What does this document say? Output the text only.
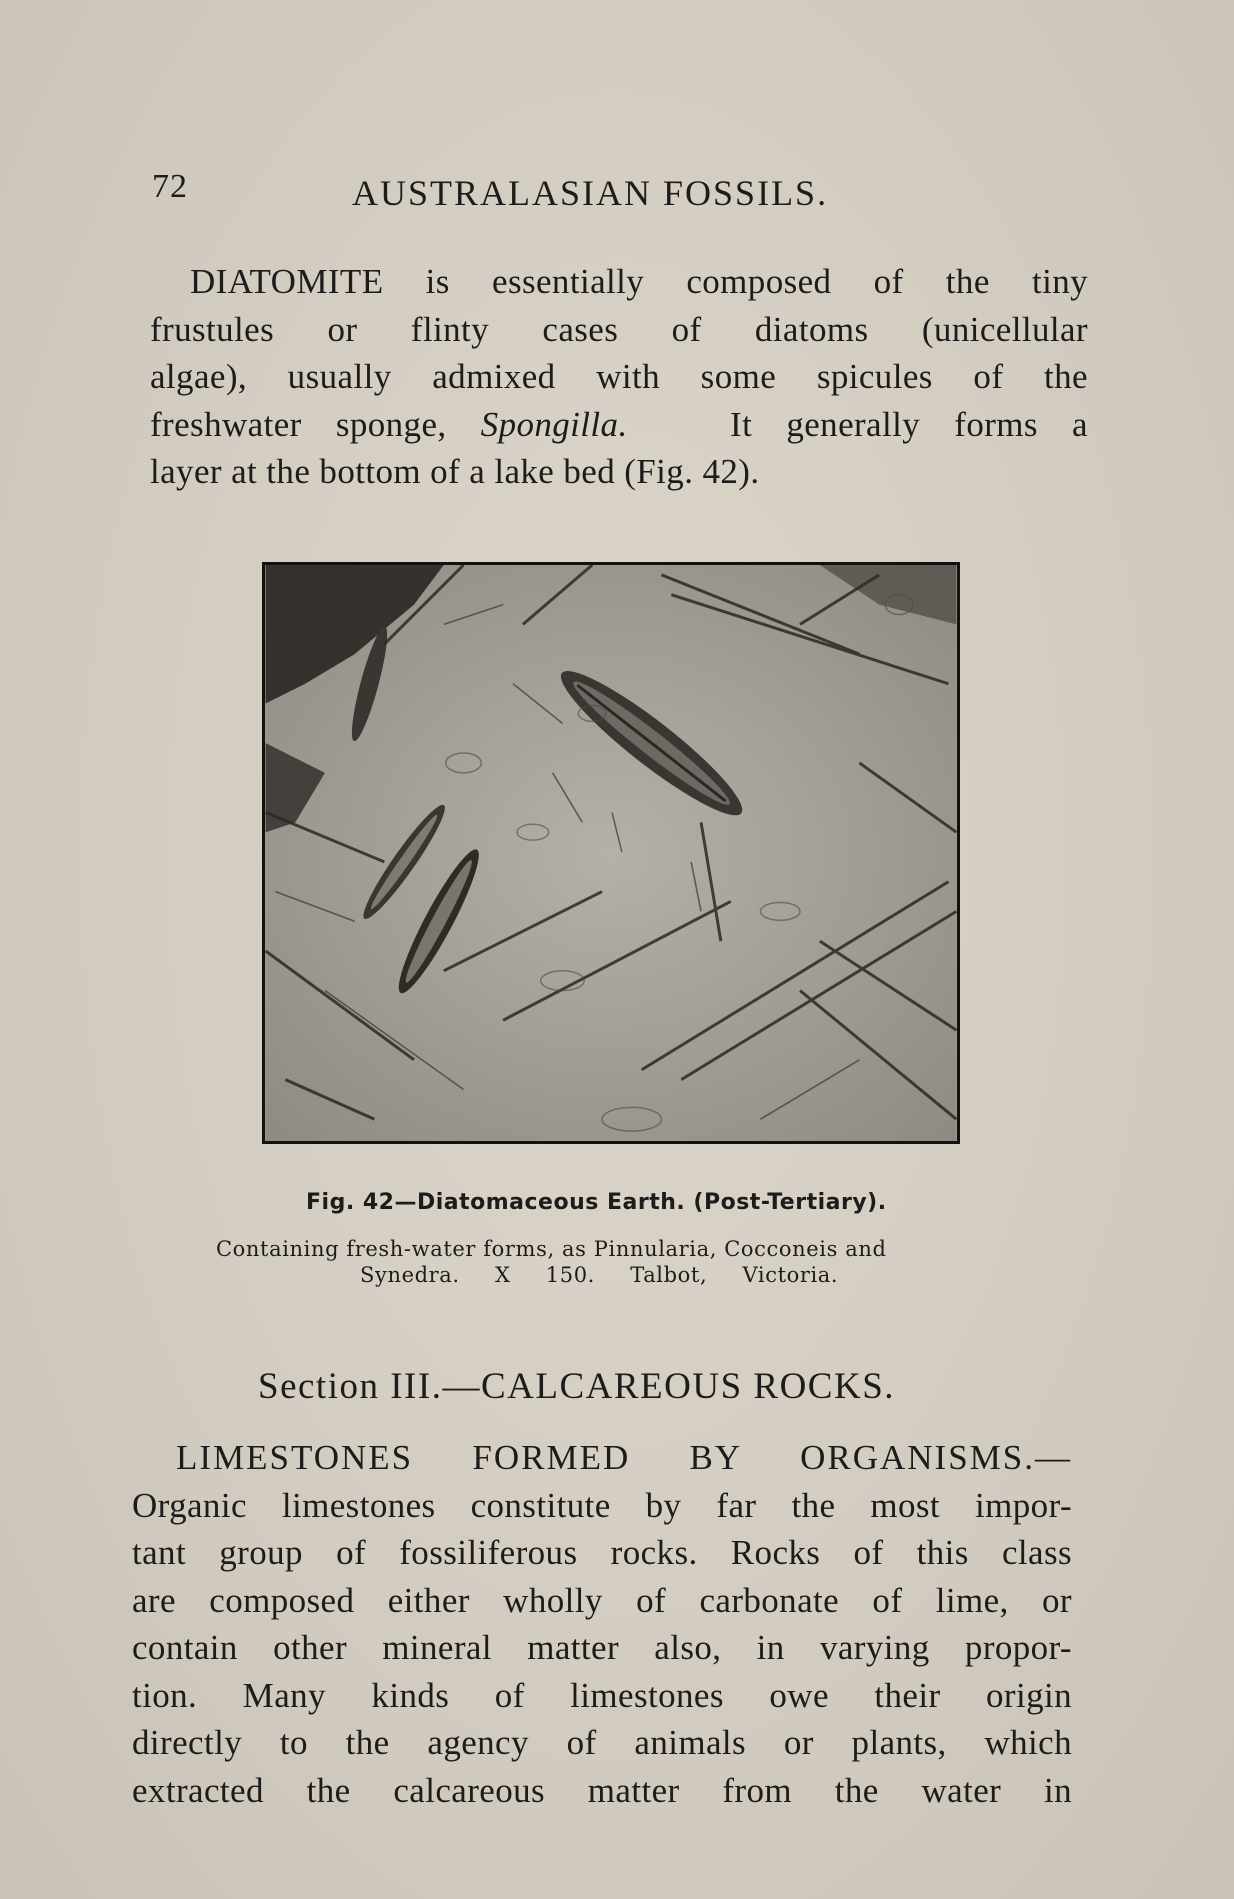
72	AUSTRALASIAN FOSSILS.
DIATOMITE is essentially composed of the tiny
frustules or flinty cases of diatoms (unicellular
algae), usually admixed with some spicules of the
freshwater sponge, Spongilla.	It generally forms a
layer at the bottom of a lake bed (Fig. 42).
Fig. 42—Diatomaceous Earth. (Post-Tertiary).
Containing fresh-water forms, as Pinnularia, Cocconeis and
Synedra. X 150. Talbot, Victoria.
Section III.—CALCAREOUS ROCKS.
LIMESTONES FORMED BY ORGANISMS.—
Organic limestones constitute by far the most impor-
tant group of fossiliferous rocks. Rocks of this class
are composed either wholly of carbonate of lime, or
contain other mineral matter also, in varying propor-
tion. Many kinds of limestones owe their origin
directly to the agency of animals or plants, which
extracted the calcareous matter from the water in
